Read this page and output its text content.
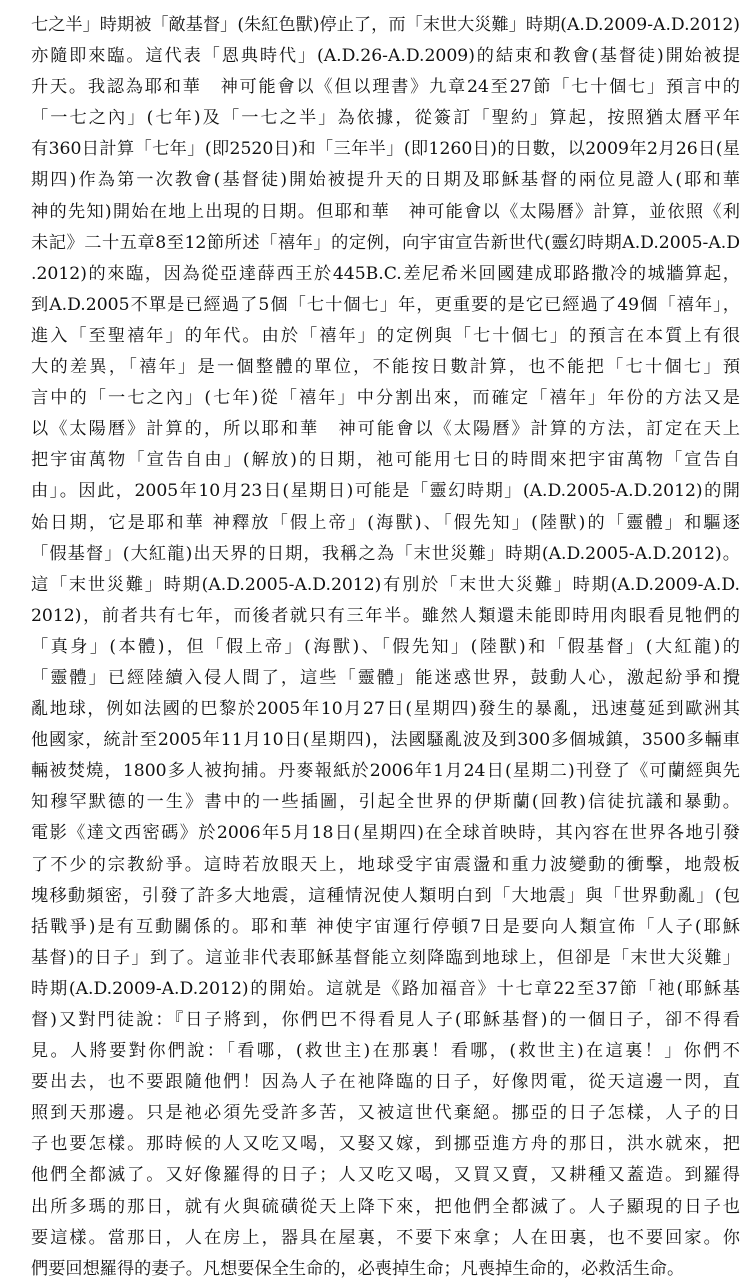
七之半」時期被「敵基督」(朱紅色獸)停止了，而「末世大災難」時期(A.D.2009-A.D.2012)
亦隨即來臨。這代表「恩典時代」(A.D.26-A.D.2009)的結束和教會(基督徒)開始被提
升天。我認為耶和華　神可能會以《但以理書》九章24至27節「七十個七」預言中的
「一七之內」(七年)及「一七之半」為依據，從簽訂「聖約」算起，按照猶太曆平年
有360日計算「七年」(即2520日)和「三年半」(即1260日)的日數，以2009年2月26日(星
期四)作為第一次教會(基督徒)開始被提升天的日期及耶穌基督的兩位見證人(耶和華
神的先知)開始在地上出現的日期。但耶和華　神可能會以《太陽曆》計算，並依照《利
未記》二十五章8至12節所述「禧年」的定例，向宇宙宣告新世代(靈幻時期A.D.2005-A.D
.2012)的來臨，因為從亞達薛西王於445B.C.差尼希米回國建成耶路撒冷的城牆算起，
到A.D.2005不單是已經過了5個「七十個七」年，更重要的是它已經過了49個「禧年」，
進入「至聖禧年」的年代。由於「禧年」的定例與「七十個七」的預言在本質上有很
大的差異，「禧年」是一個整體的單位，不能按日數計算，也不能把「七十個七」預
言中的「一七之內」(七年)從「禧年」中分割出來，而確定「禧年」年份的方法又是
以《太陽曆》計算的，所以耶和華　神可能會以《太陽曆》計算的方法，訂定在天上
把宇宙萬物「宣告自由」(解放)的日期，祂可能用七日的時間來把宇宙萬物「宣告自
由」。因此，2005年10月23日(星期日)可能是「靈幻時期」(A.D.2005-A.D.2012)的開
始日期，它是耶和華 神釋放「假上帝」(海獸)、「假先知」(陸獸)的「靈體」和驅逐
「假基督」(大紅龍)出天界的日期，我稱之為「末世災難」時期(A.D.2005-A.D.2012)。
這「末世災難」時期(A.D.2005-A.D.2012)有別於「末世大災難」時期(A.D.2009-A.D.
2012)，前者共有七年，而後者就只有三年半。雖然人類還未能即時用肉眼看見牠們的
「真身」(本體)，但「假上帝」(海獸)、「假先知」(陸獸)和「假基督」(大紅龍)的
「靈體」已經陸續入侵人間了，這些「靈體」能迷惑世界，鼓動人心，激起紛爭和攪
亂地球，例如法國的巴黎於2005年10月27日(星期四)發生的暴亂，迅速蔓延到歐洲其
他國家，統計至2005年11月10日(星期四)，法國騷亂波及到300多個城鎮，3500多輛車
輛被焚燒，1800多人被拘捕。丹麥報紙於2006年1月24日(星期二)刊登了《可蘭經與先
知穆罕默德的一生》書中的一些插圖，引起全世界的伊斯蘭(回教)信徒抗議和暴動。
電影《達文西密碼》於2006年5月18日(星期四)在全球首映時，其內容在世界各地引發
了不少的宗教紛爭。這時若放眼天上，地球受宇宙震盪和重力波變動的衝擊，地殼板
塊移動頻密，引發了許多大地震，這種情況使人類明白到「大地震」與「世界動亂」(包
括戰爭)是有互動關係的。耶和華 神使宇宙運行停頓7日是要向人類宣佈「人子(耶穌
基督)的日子」到了。這並非代表耶穌基督能立刻降臨到地球上，但卻是「末世大災難」
時期(A.D.2009-A.D.2012)的開始。這就是《路加福音》十七章22至37節「祂(耶穌基
督)又對門徒說：『日子將到，你們巴不得看見人子(耶穌基督)的一個日子，卻不得看
見。人將要對你們說：「看哪，(救世主)在那裏！看哪，(救世主)在這裏！」你們不
要出去，也不要跟隨他們！因為人子在祂降臨的日子，好像閃電，從天這邊一閃，直
照到天那邊。只是祂必須先受許多苦，又被這世代棄絕。挪亞的日子怎樣，人子的日
子也要怎樣。那時候的人又吃又喝，又娶又嫁，到挪亞進方舟的那日，洪水就來，把
他們全都滅了。又好像羅得的日子；人又吃又喝，又買又賣，又耕種又蓋造。到羅得
出所多瑪的那日，就有火與硫磺從天上降下來，把他們全都滅了。人子顯現的日子也
要這樣。當那日，人在房上，器具在屋裏，不要下來拿；人在田裏，也不要回家。你
們要回想羅得的妻子。凡想要保全生命的，必喪掉生命；凡喪掉生命的，必救活生命。
